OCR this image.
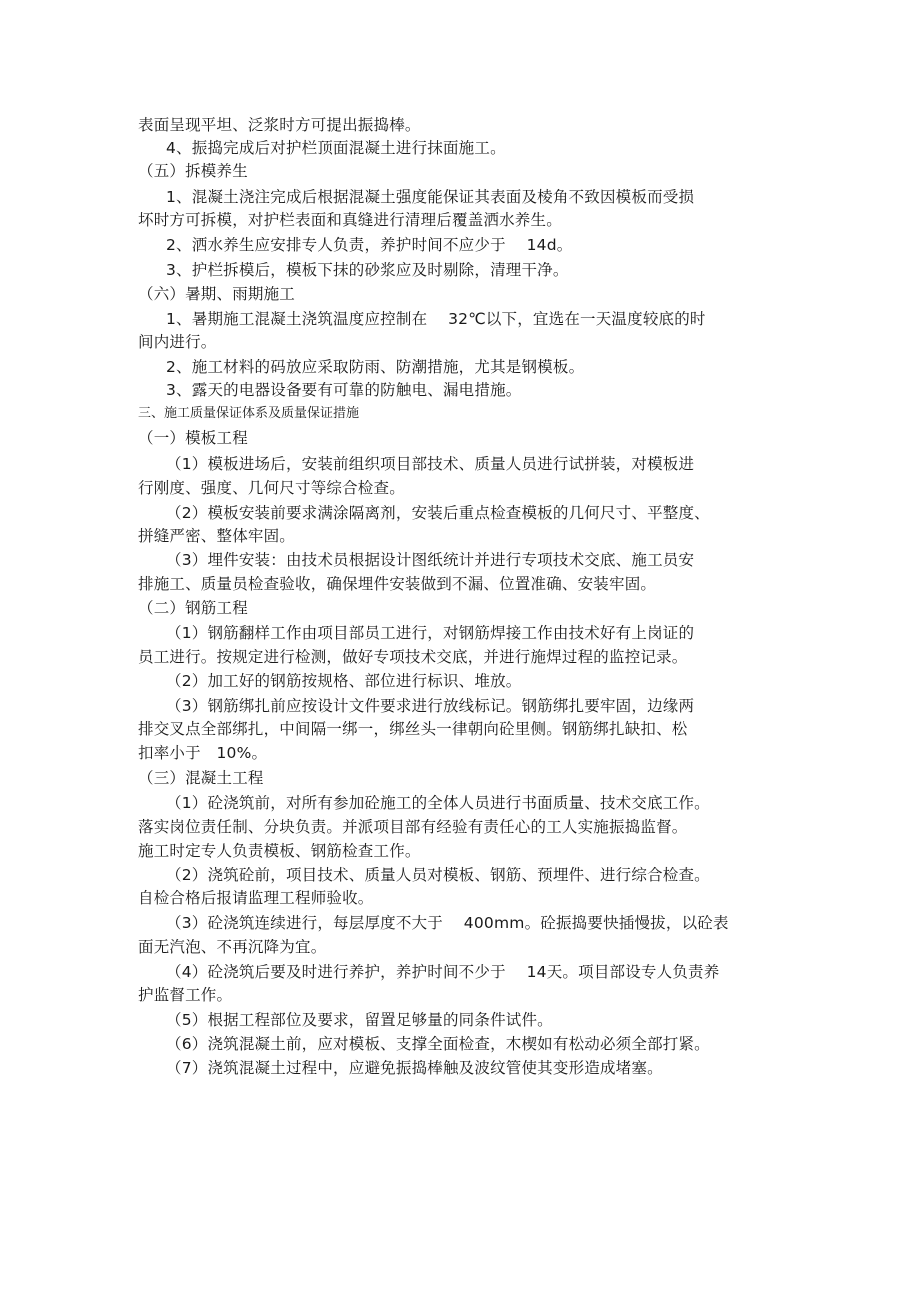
表面呈现平坦、泛浆时方可提出振捣棒。
4、振捣完成后对护栏顶面混凝土进行抹面施工。
（五）拆模养生
1、混凝土浇注完成后根据混凝土强度能保证其表面及棱角不致因模板而受损
坏时方可拆模，对护栏表面和真缝进行清理后覆盖洒水养生。
2、洒水养生应安排专人负责，养护时间不应少于　 14d。
3、护栏拆模后，模板下抹的砂浆应及时剔除，清理干净。
（六）暑期、雨期施工
1、暑期施工混凝土浇筑温度应控制在　 32℃以下，宜选在一天温度较底的时
间内进行。
2、施工材料的码放应采取防雨、防潮措施，尤其是钢模板。
3、露天的电器设备要有可靠的防触电、漏电措施。
三、施工质量保证体系及质量保证措施
（一）模板工程
（1）模板进场后，安装前组织项目部技术、质量人员进行试拼装，对模板进
行刚度、强度、几何尺寸等综合检查。
（2）模板安装前要求满涂隔离剂，安装后重点检查模板的几何尺寸、平整度、
拼缝严密、整体牢固。
（3）埋件安装：由技术员根据设计图纸统计并进行专项技术交底、施工员安
排施工、质量员检查验收，确保埋件安装做到不漏、位置准确、安装牢固。
（二）钢筋工程
（1）钢筋翻样工作由项目部员工进行，对钢筋焊接工作由技术好有上岗证的
员工进行。按规定进行检测，做好专项技术交底，并进行施焊过程的监控记录。
（2）加工好的钢筋按规格、部位进行标识、堆放。
（3）钢筋绑扎前应按设计文件要求进行放线标记。钢筋绑扎要牢固，边缘两
排交叉点全部绑扎，中间隔一绑一，绑丝头一律朝向砼里侧。钢筋绑扎缺扣、松
扣率小于　10%。
（三）混凝土工程
（1）砼浇筑前，对所有参加砼施工的全体人员进行书面质量、技术交底工作。
落实岗位责任制、分块负责。并派项目部有经验有责任心的工人实施振捣监督。
施工时定专人负责模板、钢筋检查工作。
（2）浇筑砼前，项目技术、质量人员对模板、钢筋、预埋件、进行综合检查。
自检合格后报请监理工程师验收。
（3）砼浇筑连续进行，每层厚度不大于　 400mm。砼振捣要快插慢拔，以砼表
面无汽泡、不再沉降为宜。
（4）砼浇筑后要及时进行养护，养护时间不少于　 14天。项目部设专人负责养
护监督工作。
（5）根据工程部位及要求，留置足够量的同条件试件。
（6）浇筑混凝土前，应对模板、支撑全面检查，木楔如有松动必须全部打紧。
（7）浇筑混凝土过程中，应避免振捣棒触及波纹管使其变形造成堵塞。
